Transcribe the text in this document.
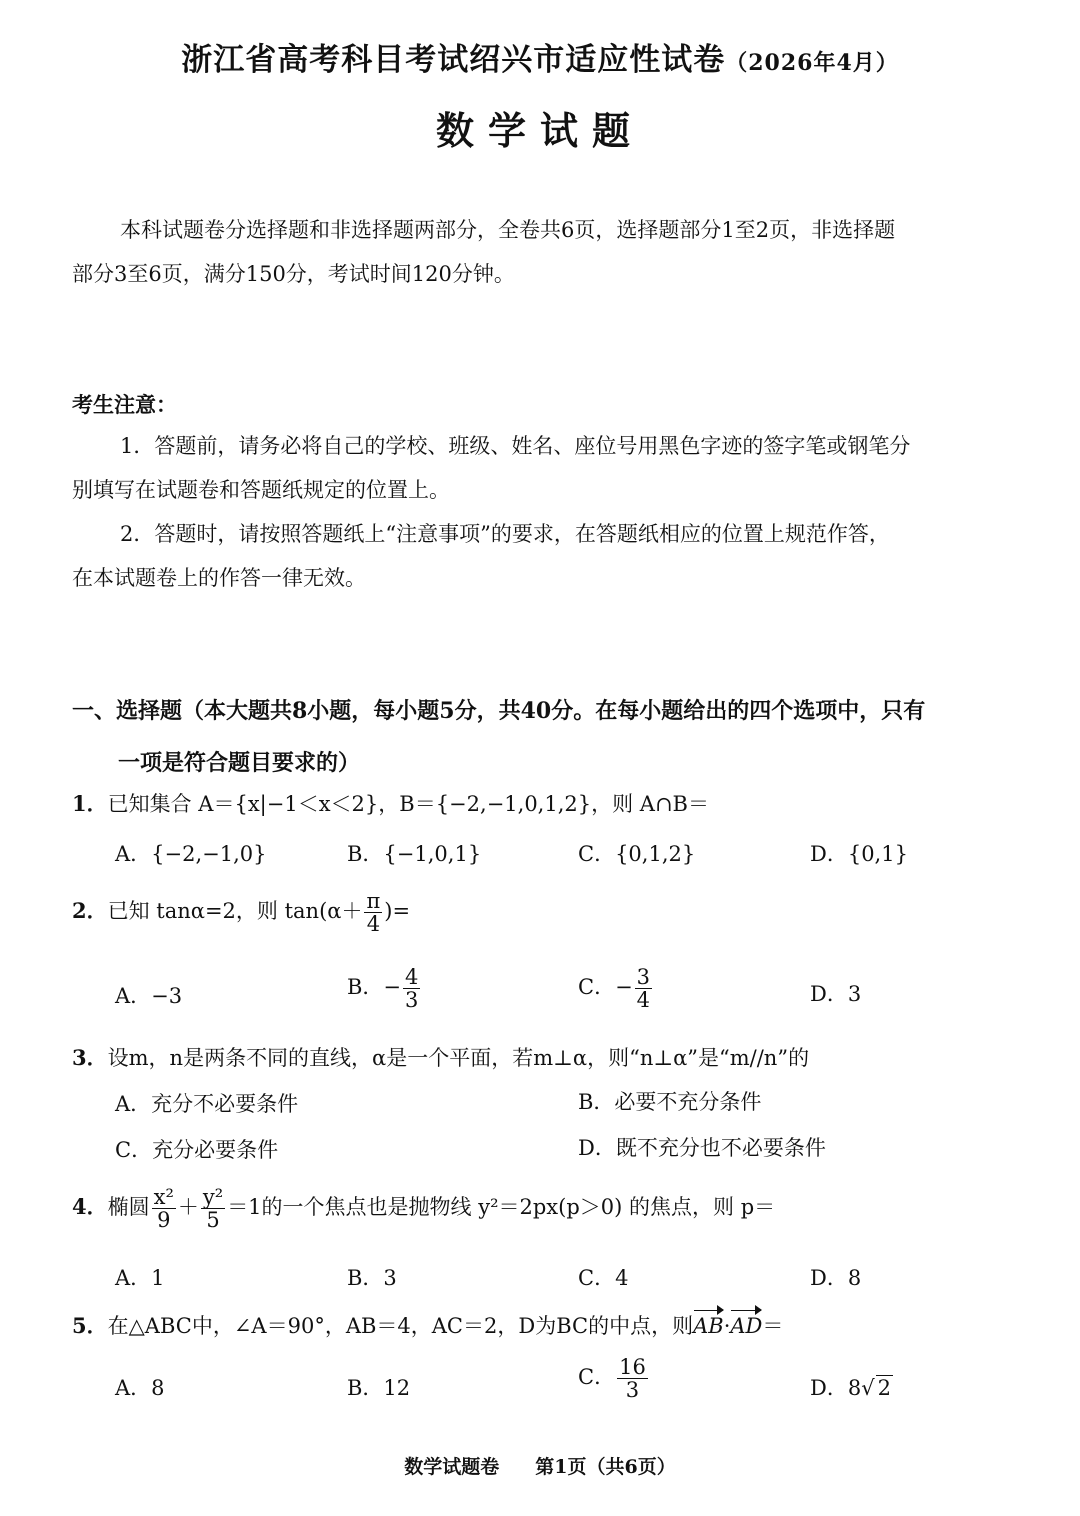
浙江省高考科目考试绍兴市适应性试卷（2026年4月）
数学试题
本科试题卷分选择题和非选择题两部分，全卷共6页，选择题部分1至2页，非选择题
部分3至6页，满分150分，考试时间120分钟。
考生注意：
1．答题前，请务必将自己的学校、班级、姓名、座位号用黑色字迹的签字笔或钢笔分
别填写在试题卷和答题纸规定的位置上。
2．答题时，请按照答题纸上“注意事项”的要求，在答题纸相应的位置上规范作答，
在本试题卷上的作答一律无效。
一、选择题（本大题共8小题，每小题5分，共40分。在每小题给出的四个选项中，只有
一项是符合题目要求的）
1．已知集合 A＝{x|−1＜x＜2}，B＝{−2,−1,0,1,2}，则 A∩B＝
A．{−2,−1,0}	B．{−1,0,1}	C．{0,1,2}	D．{0,1}
2．已知 tanα=2，则 $\tan(\alpha+ \frac{\pi}{4}$ )=
A．−3	B．− $\frac{4}{3}$	C．− $\frac{3}{4}$	D．3
3．设m，n是两条不同的直线，α是一个平面，若m⊥α，则“n⊥α”是“m//n”的
A．充分不必要条件	B．必要不充分条件
C．充分必要条件	D．既不充分也不必要条件
4．椭圆 $\frac{\text{x²}}{9} + \frac{\text{y²}}{5} =1$的一个焦点也是抛物线 y²＝2px(p＞0) 的焦点，则 p＝
A．1	B．3	C．4	D．8
5．在△ABC中，∠A＝90°，AB＝4，AC＝2，D为BC的中点，则AB·AD＝
A．8	B．12	C． $\frac{16}{3}$	D．8√ 2
数学试题卷 第1页（共6页）
